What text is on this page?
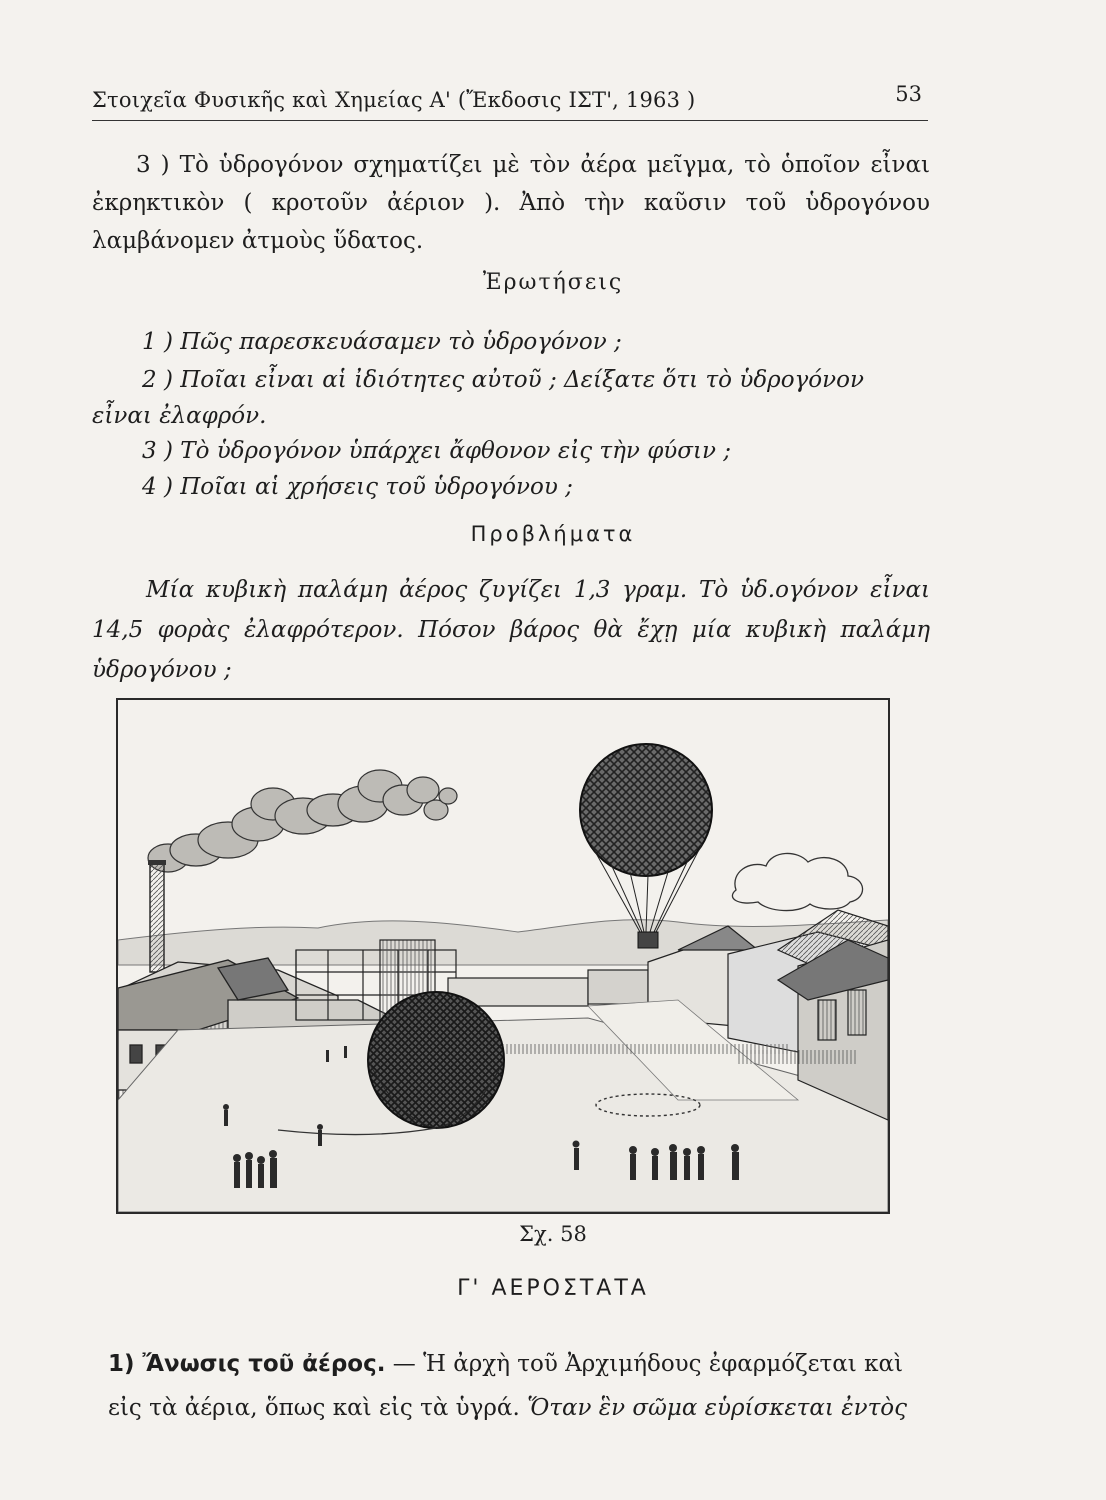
Στοιχεῖα Φυσικῆς καὶ Χημείας Α' (Ἔκδοσις ΙΣΤ', 1963 )	53
3 ) Τὸ ὑδρογόνον σχηματίζει μὲ τὸν ἀέρα μεῖγμα, τὸ ὁποῖον εἶναι ἐκρηκτικὸν ( κροτοῦν ἀέριον ). Ἀπὸ τὴν καῦσιν τοῦ ὑδρογόνου λαμβάνομεν ἀτμοὺς ὕδατος.
Ἐρωτήσεις
1 ) Πῶς παρεσκευάσαμεν τὸ ὑδρογόνον ;
2 ) Ποῖαι εἶναι αἱ ἰδιότητες αὐτοῦ ; Δείξατε ὅτι τὸ ὑδρογόνον
εἶναι ἐλαφρόν.
3 ) Τὸ ὑδρογόνον ὑπάρχει ἄφθονον εἰς τὴν φύσιν ;
4 ) Ποῖαι αἱ χρήσεις τοῦ ὑδρογόνου ;
Προβλήματα
Μία κυβικὴ παλάμη ἀέρος ζυγίζει 1,3 γραμ. Τὸ ὑδ.ογόνον εἶναι 14,5 φορὰς ἐλαφρότερον. Πόσον βάρος θὰ ἔχῃ μία κυβικὴ παλάμη ὑδρογόνου ;
Σχ. 58
Γ' ΑΕΡΟΣΤΑΤΑ
1) Ἄνωσις τοῦ ἀέρος. — Ἡ ἀρχὴ τοῦ Ἀρχιμήδους ἐφαρμόζεται καὶ εἰς τὰ ἀέρια, ὅπως καὶ εἰς τὰ ὑγρά. Ὅταν ἓν σῶμα εὑρίσκεται ἐντὸς
